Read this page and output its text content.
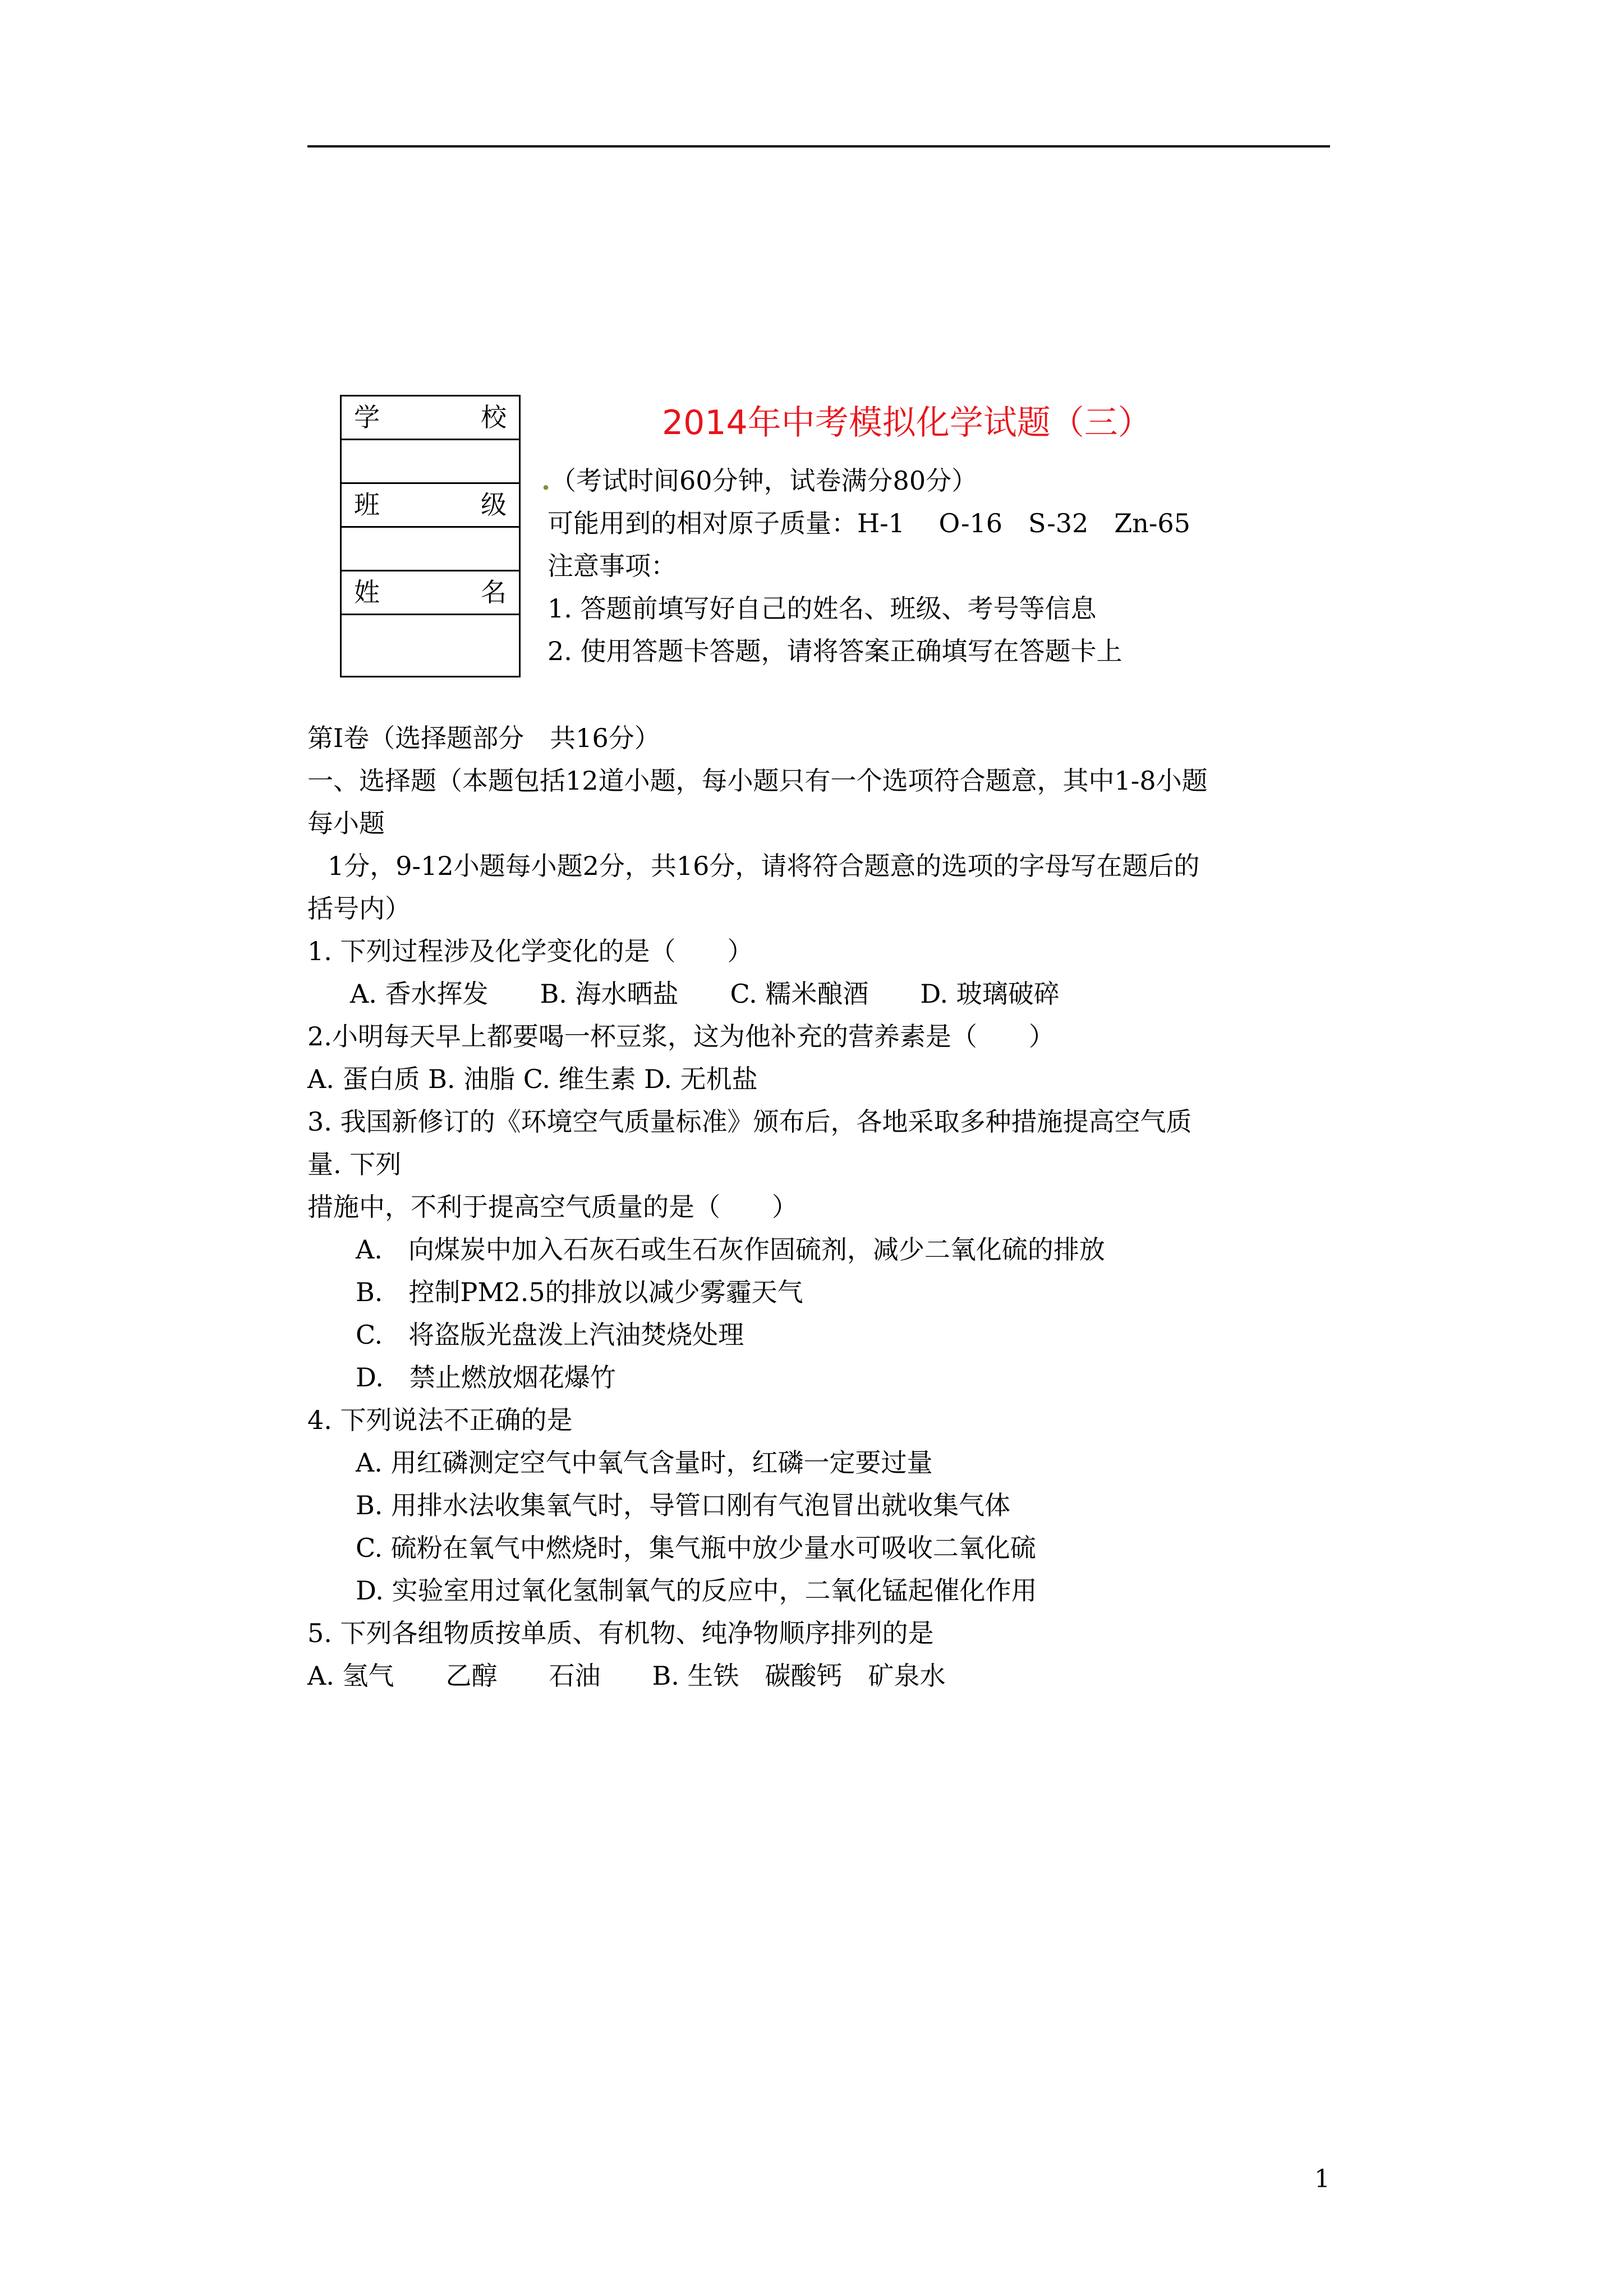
学	校

班	级

姓	名

2014年中考模拟化学试题（三）
.（考试时间60分钟，试卷满分80分）
可能用到的相对原子质量：H-1　 O-16　S-32　Zn-65
注意事项：
1. 答题前填写好自己的姓名、班级、考号等信息
2. 使用答题卡答题，请将答案正确填写在答题卡上
第Ⅰ卷（选择题部分　共16分）
一、选择题（本题包括12道小题，每小题只有一个选项符合题意，其中1-8小题
每小题
1分，9-12小题每小题2分，共16分，请将符合题意的选项的字母写在题后的
括号内）
1. 下列过程涉及化学变化的是（　　）
A. 香水挥发　　B. 海水晒盐　　C. 糯米酿酒　　D. 玻璃破碎
2.小明每天早上都要喝一杯豆浆，这为他补充的营养素是（　　）
A. 蛋白质 B. 油脂 C. 维生素 D. 无机盐
3. 我国新修订的《环境空气质量标准》颁布后，各地采取多种措施提高空气质
量. 下列
措施中，不利于提高空气质量的是（　　）
A.　向煤炭中加入石灰石或生石灰作固硫剂，减少二氧化硫的排放
B.　控制PM2.5的排放以减少雾霾天气
C.　将盗版光盘泼上汽油焚烧处理
D.　禁止燃放烟花爆竹
4. 下列说法不正确的是
A. 用红磷测定空气中氧气含量时，红磷一定要过量
B. 用排水法收集氧气时，导管口刚有气泡冒出就收集气体
C. 硫粉在氧气中燃烧时，集气瓶中放少量水可吸收二氧化硫
D. 实验室用过氧化氢制氧气的反应中，二氧化锰起催化作用
5. 下列各组物质按单质、有机物、纯净物顺序排列的是
A. 氢气　　乙醇　　石油　　B. 生铁　碳酸钙　矿泉水
1
